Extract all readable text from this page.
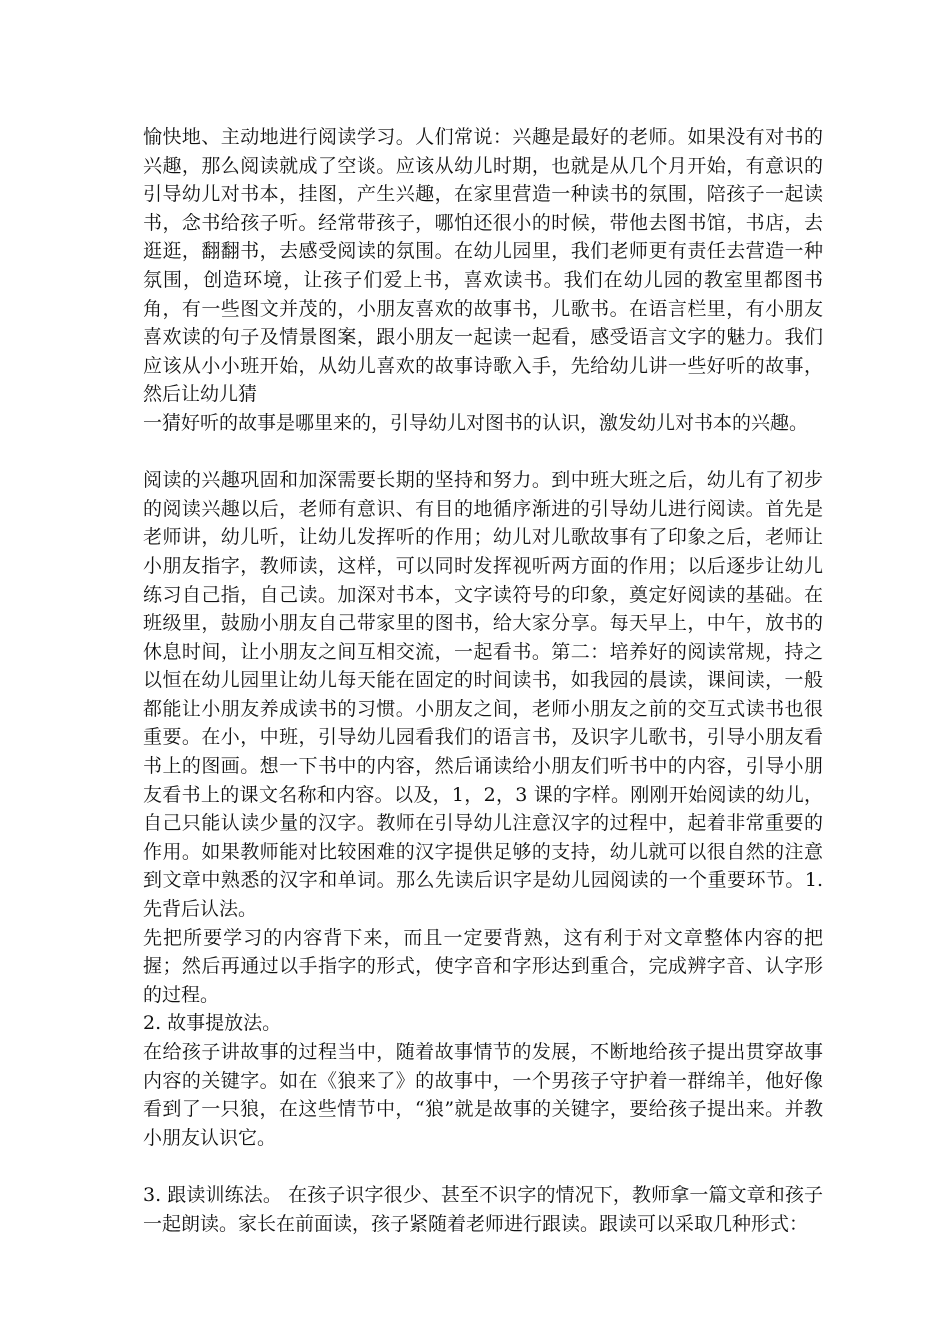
愉快地、主动地进行阅读学习。人们常说：兴趣是最好的老师。如果没有对书的兴趣，那么阅读就成了空谈。应该从幼儿时期，也就是从几个月开始，有意识的引导幼儿对书本，挂图，产生兴趣，在家里营造一种读书的氛围，陪孩子一起读书，念书给孩子听。经常带孩子，哪怕还很小的时候，带他去图书馆，书店，去逛逛，翻翻书，去感受阅读的氛围。在幼儿园里，我们老师更有责任去营造一种氛围，创造环境，让孩子们爱上书，喜欢读书。我们在幼儿园的教室里都图书角，有一些图文并茂的，小朋友喜欢的故事书，儿歌书。在语言栏里，有小朋友喜欢读的句子及情景图案，跟小朋友一起读一起看，感受语言文字的魅力。我们应该从小小班开始，从幼儿喜欢的故事诗歌入手，先给幼儿讲一些好听的故事，然后让幼儿猜

一猜好听的故事是哪里来的，引导幼儿对图书的认识，激发幼儿对书本的兴趣。

阅读的兴趣巩固和加深需要长期的坚持和努力。到中班大班之后，幼儿有了初步的阅读兴趣以后，老师有意识、有目的地循序渐进的引导幼儿进行阅读。首先是老师讲，幼儿听，让幼儿发挥听的作用；幼儿对儿歌故事有了印象之后，老师让小朋友指字，教师读，这样，可以同时发挥视听两方面的作用；以后逐步让幼儿练习自己指，自己读。加深对书本，文字读符号的印象，奠定好阅读的基础。在班级里，鼓励小朋友自己带家里的图书，给大家分享。每天早上，中午，放书的休息时间，让小朋友之间互相交流，一起看书。第二：培养好的阅读常规，持之以恒在幼儿园里让幼儿每天能在固定的时间读书，如我园的晨读，课间读，一般都能让小朋友养成读书的习惯。小朋友之间，老师小朋友之前的交互式读书也很重要。在小，中班，引导幼儿园看我们的语言书，及识字儿歌书，引导小朋友看书上的图画。想一下书中的内容，然后诵读给小朋友们听书中的内容，引导小朋友看书上的课文名称和内容。以及，1，2，3 课的字样。刚刚开始阅读的幼儿，自己只能认读少量的汉字。教师在引导幼儿注意汉字的过程中，起着非常重要的作用。如果教师能对比较困难的汉字提供足够的支持，幼儿就可以很自然的注意到文章中熟悉的汉字和单词。那么先读后识字是幼儿园阅读的一个重要环节。1. 先背后认法。

先把所要学习的内容背下来，而且一定要背熟，这有利于对文章整体内容的把握；然后再通过以手指字的形式，使字音和字形达到重合，完成辨字音、认字形的过程。

2. 故事提放法。

在给孩子讲故事的过程当中，随着故事情节的发展，不断地给孩子提出贯穿故事内容的关键字。如在《狼来了》的故事中，一个男孩子守护着一群绵羊，他好像看到了一只狼，在这些情节中，“狼”就是故事的关键字，要给孩子提出来。并教小朋友认识它。

3. 跟读训练法。 在孩子识字很少、甚至不识字的情况下，教师拿一篇文章和孩子一起朗读。家长在前面读，孩子紧随着老师进行跟读。跟读可以采取几种形式：
